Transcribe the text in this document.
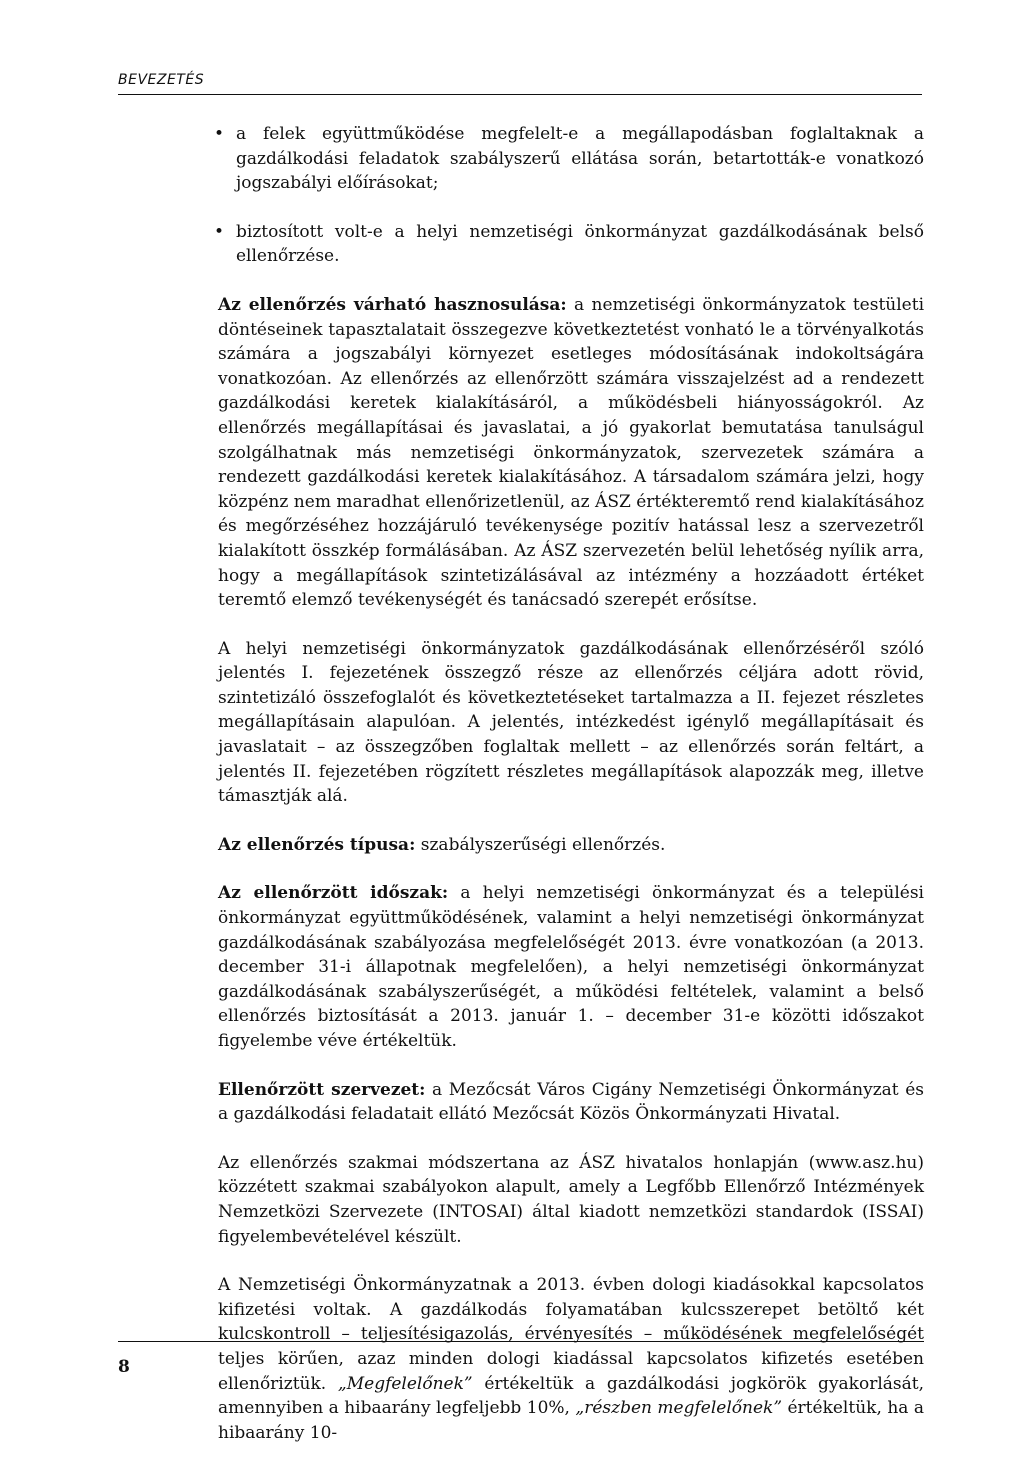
BEVEZETÉS
• a felek együttműködése megfelelt-e a megállapodásban foglaltaknak a gazdálkodási feladatok szabályszerű ellátása során, betartották-e vonatkozó jogszabályi előírásokat;
• biztosított volt-e a helyi nemzetiségi önkormányzat gazdálkodásának belső ellenőrzése.

Az ellenőrzés várható hasznosulása: a nemzetiségi önkormányzatok testületi döntéseinek tapasztalatait összegezve következtetést vonható le a törvényalkotás számára a jogszabályi környezet esetleges módosításának indokoltságára vonatkozóan. Az ellenőrzés az ellenőrzött számára visszajelzést ad a rendezett gazdálkodási keretek kialakításáról, a működésbeli hiányosságokról. Az ellenőrzés megállapításai és javaslatai, a jó gyakorlat bemutatása tanulságul szolgálhatnak más nemzetiségi önkormányzatok, szervezetek számára a rendezett gazdálkodási keretek kialakításához. A társadalom számára jelzi, hogy közpénz nem maradhat ellenőrizetlenül, az ÁSZ értékteremtő rend kialakításához és megőrzéséhez hozzájáruló tevékenysége pozitív hatással lesz a szervezetről kialakított összkép formálásában. Az ÁSZ szervezetén belül lehetőség nyílik arra, hogy a megállapítások szintetizálásával az intézmény a hozzáadott értéket teremtő elemző tevékenységét és tanácsadó szerepét erősítse.

A helyi nemzetiségi önkormányzatok gazdálkodásának ellenőrzéséről szóló jelentés I. fejezetének összegző része az ellenőrzés céljára adott rövid, szintetizáló összefoglalót és következtetéseket tartalmazza a II. fejezet részletes megállapításain alapulóan. A jelentés, intézkedést igénylő megállapításait és javaslatait – az összegzőben foglaltak mellett – az ellenőrzés során feltárt, a jelentés II. fejezetében rögzített részletes megállapítások alapozzák meg, illetve támasztják alá.

Az ellenőrzés típusa: szabályszerűségi ellenőrzés.

Az ellenőrzött időszak: a helyi nemzetiségi önkormányzat és a települési önkormányzat együttműködésének, valamint a helyi nemzetiségi önkormányzat gazdálkodásának szabályozása megfelelőségét 2013. évre vonatkozóan (a 2013. december 31-i állapotnak megfelelően), a helyi nemzetiségi önkormányzat gazdálkodásának szabályszerűségét, a működési feltételek, valamint a belső ellenőrzés biztosítását a 2013. január 1. – december 31-e közötti időszakot figyelembe véve értékeltük.

Ellenőrzött szervezet: a Mezőcsát Város Cigány Nemzetiségi Önkormányzat és a gazdálkodási feladatait ellátó Mezőcsát Közös Önkormányzati Hivatal.

Az ellenőrzés szakmai módszertana az ÁSZ hivatalos honlapján (www.asz.hu) közzétett szakmai szabályokon alapult, amely a Legfőbb Ellenőrző Intézmények Nemzetközi Szervezete (INTOSAI) által kiadott nemzetközi standardok (ISSAI) figyelembevételével készült.

A Nemzetiségi Önkormányzatnak a 2013. évben dologi kiadásokkal kapcsolatos kifizetési voltak. A gazdálkodás folyamatában kulcsszerepet betöltő két kulcskontroll – teljesítésigazolás, érvényesítés – működésének megfelelőségét teljes körűen, azaz minden dologi kiadással kapcsolatos kifizetés esetében ellenőriztük. „Megfelelőnek” értékeltük a gazdálkodási jogkörök gyakorlását, amennyiben a hibaarány legfeljebb 10%, „részben megfelelőnek” értékeltük, ha a hibaarány 10-

8
